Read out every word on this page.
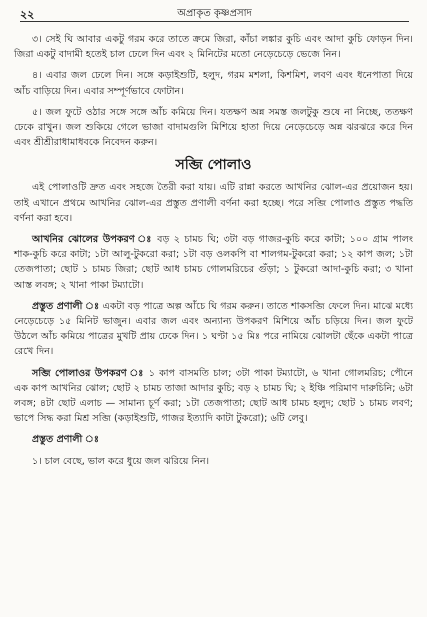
২২	অপ্রাকৃত কৃষ্ণপ্রসাদ

৩। সেই ঘি আবার একটু গরম করে তাতে ক্রমে জিরা, কাঁচা লঙ্কার কুচি এবং আদা কুচি ফোড়ন দিন। জিরা একটু বাদামী হতেই চাল ঢেলে দিন এবং ২ মিনিটের মতো নেড়েচেড়ে ভেজে নিন।

৪। এবার জল ঢেলে দিন। সঙ্গে কড়াইশুটি, হলুদ, গরম মশলা, কিশমিশ, লবণ এবং ধনেপাতা দিয়ে আঁচ বাড়িয়ে দিন। এবার সম্পূর্ণভাবে ফোটান।

৫। জল ফুটে ওঠার সঙ্গে সঙ্গে আঁচ কমিয়ে দিন। যতক্ষণ অন্ন সমস্ত জলটুকু শুষে না নিচ্ছে, ততক্ষণ ঢেকে রাখুন। জল শুকিয়ে গেলে ভাজা বাদামগুলি মিশিয়ে হাতা দিয়ে নেড়েচেড়ে অন্ন ঝরঝরে করে দিন এবং শ্রীশ্রীরাধামাধবকে নিবেদন করুন।

সব্জি পোলাও

এই পোলাওটি দ্রুত এবং সহজে তৈরী করা যায়। এটি রান্না করতে আখনির ঝোল-এর প্রয়োজন হয়। তাই এখানে প্রথমে আখনির ঝোল-এর প্রস্তুত প্রণালী বর্ণনা করা হচ্ছে। পরে সব্জি পোলাও প্রস্তুত পদ্ধতি বর্ণনা করা হবে।

আখনির ঝোলের উপকরণ ঃ বড় ২ চামচ ঘি; ৩টা বড় গাজর-কুচি করে কাটা; ১০০ গ্রাম পালং শাক-কুচি করে কাটা; ১টা আলু-টুকরো করা; ১টা বড় ওলকপি বা শালগম-টুকরো করা; ১২ কাপ জল; ১টা তেজপাতা; ছোট ১ চামচ জিরা; ছোট আধ চামচ গোলমরিচের গুঁড়া; ১ টুকরো আদা-কুচি করা; ৩ খানা আস্ত লবঙ্গ; ২ খানা পাকা টম্যাটো।

প্রস্তুত প্রণালী ঃ একটা বড় পাত্রে অল্প আঁচে ঘি গরম করুন। তাতে শাকসব্জি ফেলে দিন। মাঝে মধ্যে নেড়েচেড়ে ১৫ মিনিট ভাজুন। এবার জল এবং অন্যান্য উপকরণ মিশিয়ে আঁচ চড়িয়ে দিন। জল ফুটে উঠলে আঁচ কমিয়ে পাত্রের মুখটি প্রায় ঢেকে দিন। ১ ঘণ্টা ১৫ মিঃ পরে নামিয়ে ঝোলটা ছেঁকে একটা পাত্রে রেখে দিন।

সব্জি পোলাওর উপকরণ ঃ ১ কাপ বাসমতি চাল; ৩টা পাকা টম্যাটো, ৬ খানা গোলমরিচ; পৌনে এক কাপ আখনির ঝোল; ছোট ২ চামচ তাজা আদার কুচি; বড় ২ চামচ ঘি; ২ ইঞ্চি পরিমাণ দারুচিনি; ৬টা লবঙ্গ; ৪টা ছোট এলাচ — সামান্য চূর্ণ করা; ১টা তেজপাতা; ছোট আধ চামচ হলুদ; ছোট ১ চামচ লবণ; ভাপে সিদ্ধ করা মিশ্র সব্জি (কড়াইশুটি, গাজর ইত্যাদি কাটা টুকরো); ৬টি লেবু।

প্রস্তুত প্রণালী ঃ

১। চাল বেছে, ভাল করে ধুয়ে জল ঝরিয়ে নিন।
